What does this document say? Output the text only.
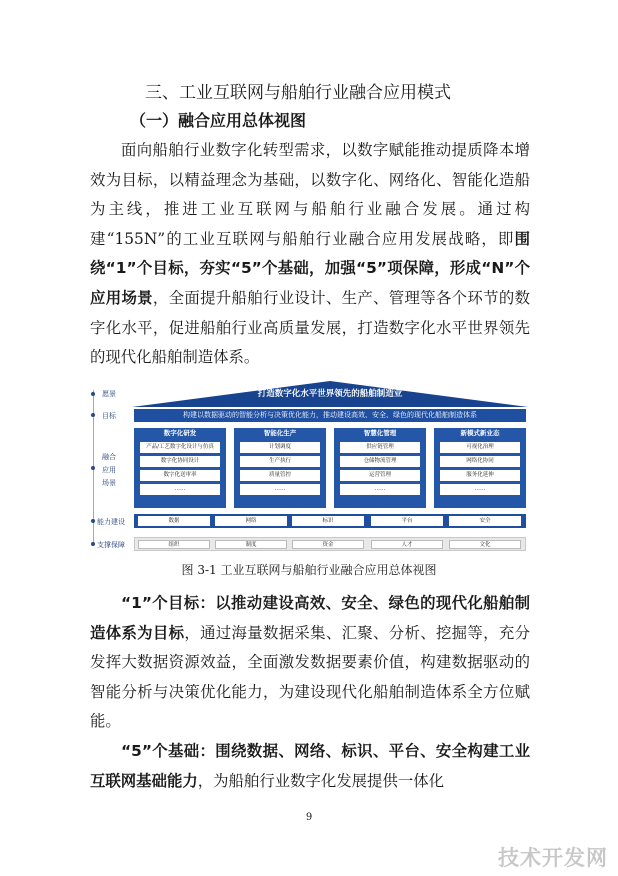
三、工业互联网与船舶行业融合应用模式
（一）融合应用总体视图

面向船舶行业数字化转型需求，以数字赋能推动提质降本增效为目标，以精益理念为基础，以数字化、网络化、智能化造船为主线，推进工业互联网与船舶行业融合发展。通过构建“155N”的工业互联网与船舶行业融合应用发展战略，即围绕“1”个目标，夯实“5”个基础，加强“5”项保障，形成“N”个应用场景，全面提升船舶行业设计、生产、管理等各个环节的数字化水平，促进船舶行业高质量发展，打造数字化水平世界领先的现代化船舶制造体系。

愿景
目标
融合
应用
场景
能力建设
支撑保障
打造数字化水平世界领先的船舶制造业
构建以数据驱动的智能分析与决策优化能力，推动建设高效、安全、绿色的现代化船舶制造体系
数字化研发
产品/工艺数字化设计与仿真
数字化协同设计
数字化送审率
……
智能化生产
计划调度
生产执行
质量管控
……
智慧化管理
供应链管理
仓储物流管理
运营管理
……
新模式新业态
可视化治理
网络化协同
服务化延伸
……
数据	网络	标识	平台	安全
组织	制度	资金	人才	文化
图 3-1 工业互联网与船舶行业融合应用总体视图

“1”个目标：以推动建设高效、安全、绿色的现代化船舶制造体系为目标，通过海量数据采集、汇聚、分析、挖掘等，充分发挥大数据资源效益，全面激发数据要素价值，构建数据驱动的智能分析与决策优化能力，为建设现代化船舶制造体系全方位赋能。

“5”个基础：围绕数据、网络、标识、平台、安全构建工业互联网基础能力，为船舶行业数字化发展提供一体化

9
技术开发网
